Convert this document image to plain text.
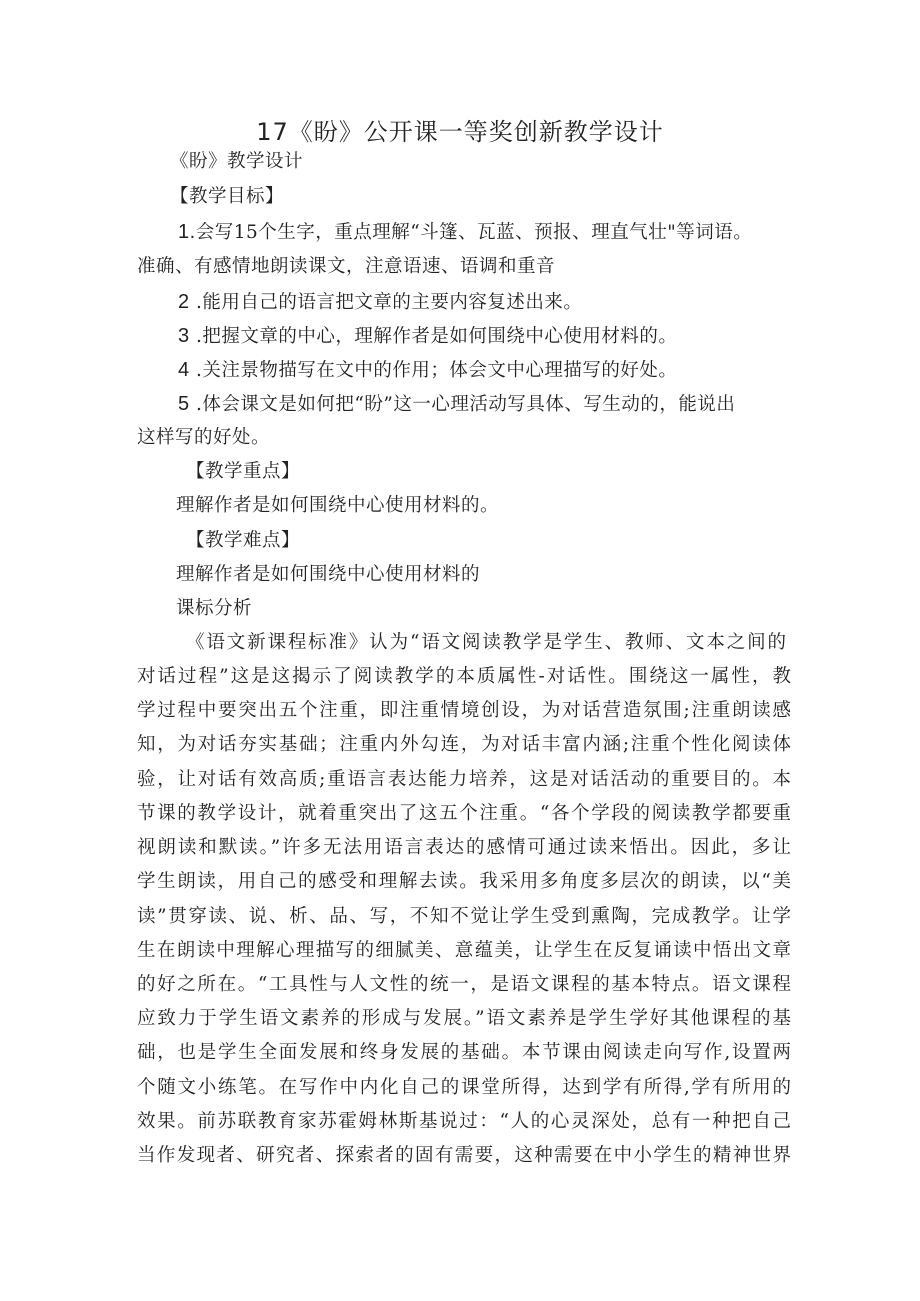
17《盼》公开课一等奖创新教学设计
《盼》教学设计
【教学目标】
1.会写15个生字，重点理解“斗篷、瓦蓝、预报、理直气壮"等词语。
准确、有感情地朗读课文，注意语速、语调和重音
2 .能用自己的语言把文章的主要内容复述出来。
3 .把握文章的中心，理解作者是如何围绕中心使用材料的。
4 .关注景物描写在文中的作用；体会文中心理描写的好处。
5 .体会课文是如何把“盼”这一心理活动写具体、写生动的，能说出
这样写的好处。
【教学重点】
理解作者是如何围绕中心使用材料的。
【教学难点】
理解作者是如何围绕中心使用材料的
课标分析
《语文新课程标准》认为“语文阅读教学是学生、教师、文本之间的
对话过程”这是这揭示了阅读教学的本质属性-对话性。围绕这一属性，教
学过程中要突出五个注重，即注重情境创设，为对话营造氛围;注重朗读感
知，为对话夯实基础；注重内外勾连，为对话丰富内涵;注重个性化阅读体
验，让对话有效高质;重语言表达能力培养，这是对话活动的重要目的。本
节课的教学设计，就着重突出了这五个注重。“各个学段的阅读教学都要重
视朗读和默读。”许多无法用语言表达的感情可通过读来悟出。因此，多让
学生朗读，用自己的感受和理解去读。我采用多角度多层次的朗读，以“美
读”贯穿读、说、析、品、写，不知不觉让学生受到熏陶，完成教学。让学
生在朗读中理解心理描写的细腻美、意蕴美，让学生在反复诵读中悟出文章
的好之所在。“工具性与人文性的统一，是语文课程的基本特点。语文课程
应致力于学生语文素养的形成与发展。”语文素养是学生学好其他课程的基
础，也是学生全面发展和终身发展的基础。本节课由阅读走向写作,设置两
个随文小练笔。在写作中内化自己的课堂所得，达到学有所得,学有所用的
效果。前苏联教育家苏霍姆林斯基说过：“人的心灵深处，总有一种把自己
当作发现者、研究者、探索者的固有需要，这种需要在中小学生的精神世界
